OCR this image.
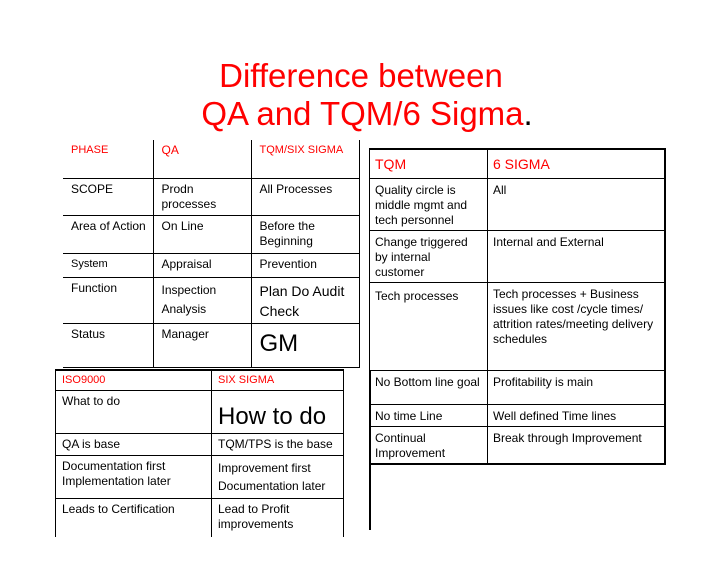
Difference between
QA and TQM/6 Sigma.
PHASE	QA	TQM/SIX SIGMA
SCOPE	Prodn processes	All Processes
Area of Action	On Line	Before the Beginning
System	Appraisal	Prevention
Function	Inspection Analysis	Plan Do Audit Check
Status	Manager	GM
ISO9000	SIX SIGMA
What to do	How to do
QA is base	TQM/TPS is the base
Documentation first Implementation later	Improvement first Documentation later
Leads to Certification	Lead to Profit improvements
TQM	6 SIGMA
Quality circle is middle mgmt and tech personnel	All
Change triggered by internal customer	Internal and External
Tech processes	Tech processes + Business issues like cost /cycle times/ attrition rates/meeting delivery schedules
No Bottom line goal	Profitability is main
No time Line	Well defined Time lines
Continual Improvement	Break through Improvement
